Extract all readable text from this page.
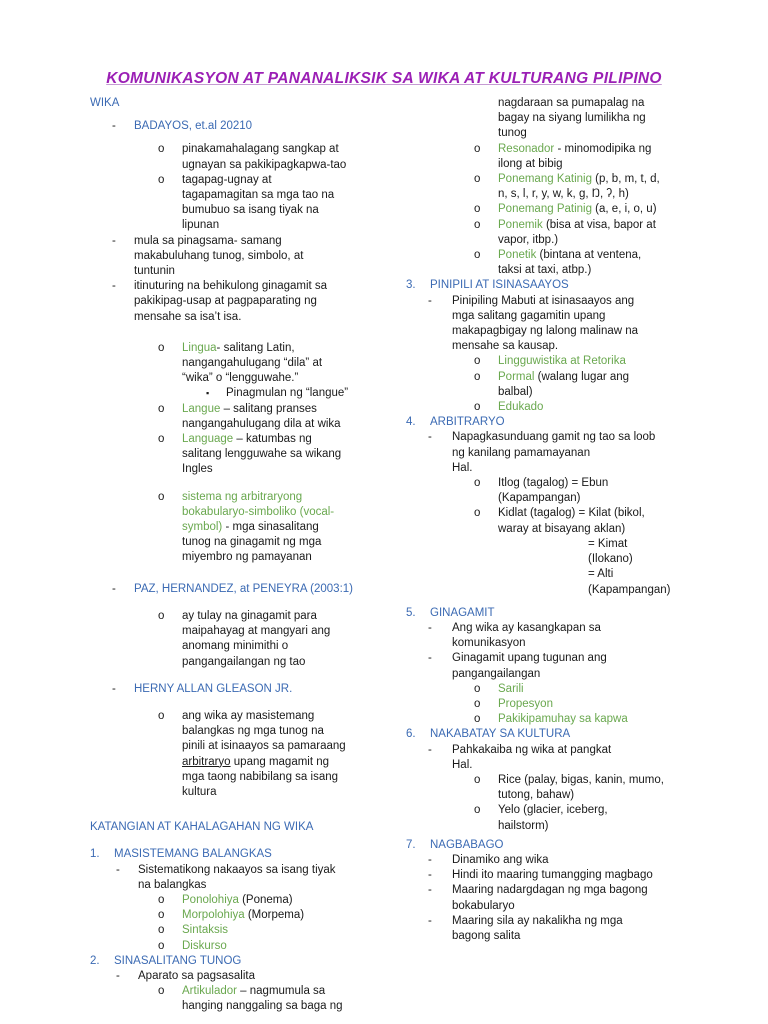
KOMUNIKASYON AT PANANALIKSIK SA WIKA AT KULTURANG PILIPINO
WIKA
- BADAYOS, et.al 20210
o pinakamahalagang sangkap at
ugnayan sa pakikipagkapwa-tao
o tagapag-ugnay at
tagapamagitan sa mga tao na
bumubuo sa isang tiyak na
lipunan
- mula sa pinagsama- samang
makabuluhang tunog, simbolo, at
tuntunin
- itinuturing na behikulong ginagamit sa
pakikipag-usap at pagpaparating ng
mensahe sa isa’t isa.
o Lingua- salitang Latin,
nangangahulugang “dila” at
“wika” o “lengguwahe.”
▪ Pinagmulan ng “langue”
o Langue – salitang pranses
nangangahulugang dila at wika
o Language – katumbas ng
salitang lengguwahe sa wikang
Ingles
o sistema ng arbitraryong
bokabularyo-simboliko (vocal-
symbol) - mga sinasalitang
tunog na ginagamit ng mga
miyembro ng pamayanan
- PAZ, HERNANDEZ, at PENEYRA (2003:1)
o ay tulay na ginagamit para
maipahayag at mangyari ang
anomang minimithi o
pangangailangan ng tao
- HERNY ALLAN GLEASON JR.
o ang wika ay masistemang
balangkas ng mga tunog na
pinili at isinaayos sa pamaraang
arbitraryo upang magamit ng
mga taong nabibilang sa isang
kultura
KATANGIAN AT KAHALAGAHAN NG WIKA
1. MASISTEMANG BALANGKAS
- Sistematikong nakaayos sa isang tiyak
na balangkas
o Ponolohiya (Ponema)
o Morpolohiya (Morpema)
o Sintaksis
o Diskurso
2. SINASALITANG TUNOG
- Aparato sa pagsasalita
o Artikulador – nagmumula sa
hanging nanggaling sa baga ng
nagdaraan sa pumapalag na
bagay na siyang lumilikha ng
tunog
o Resonador - minomodipika ng
ilong at bibig
o Ponemang Katinig (p, b, m, t, d,
n, s, l, r, y, w, k, g, Ŋ, ʔ, h)
o Ponemang Patinig (a, e, i, o, u)
o Ponemik (bisa at visa, bapor at
vapor, itbp.)
o Ponetik (bintana at ventena,
taksi at taxi, atbp.)
3. PINIPILI AT ISINASAAYOS
- Pinipiling Mabuti at isinasaayos ang
mga salitang gagamitin upang
makapagbigay ng lalong malinaw na
mensahe sa kausap.
o Lingguwistika at Retorika
o Pormal (walang lugar ang
balbal)
o Edukado
4. ARBITRARYO
- Napagkasunduang gamit ng tao sa loob
ng kanilang pamamayanan
Hal.
o Itlog (tagalog) = Ebun
(Kapampangan)
o Kidlat (tagalog) = Kilat (bikol,
waray at bisayang aklan)
= Kimat
(Ilokano)
= Alti
(Kapampangan)
5. GINAGAMIT
- Ang wika ay kasangkapan sa
komunikasyon
- Ginagamit upang tugunan ang
pangangailangan
o Sarili
o Propesyon
o Pakikipamuhay sa kapwa
6. NAKABATAY SA KULTURA
- Pahkakaiba ng wika at pangkat
Hal.
o Rice (palay, bigas, kanin, mumo,
tutong, bahaw)
o Yelo (glacier, iceberg,
hailstorm)
7. NAGBABAGO
- Dinamiko ang wika
- Hindi ito maaring tumangging magbago
- Maaring nadargdagan ng mga bagong
bokabularyo
- Maaring sila ay nakalikha ng mga
bagong salita
